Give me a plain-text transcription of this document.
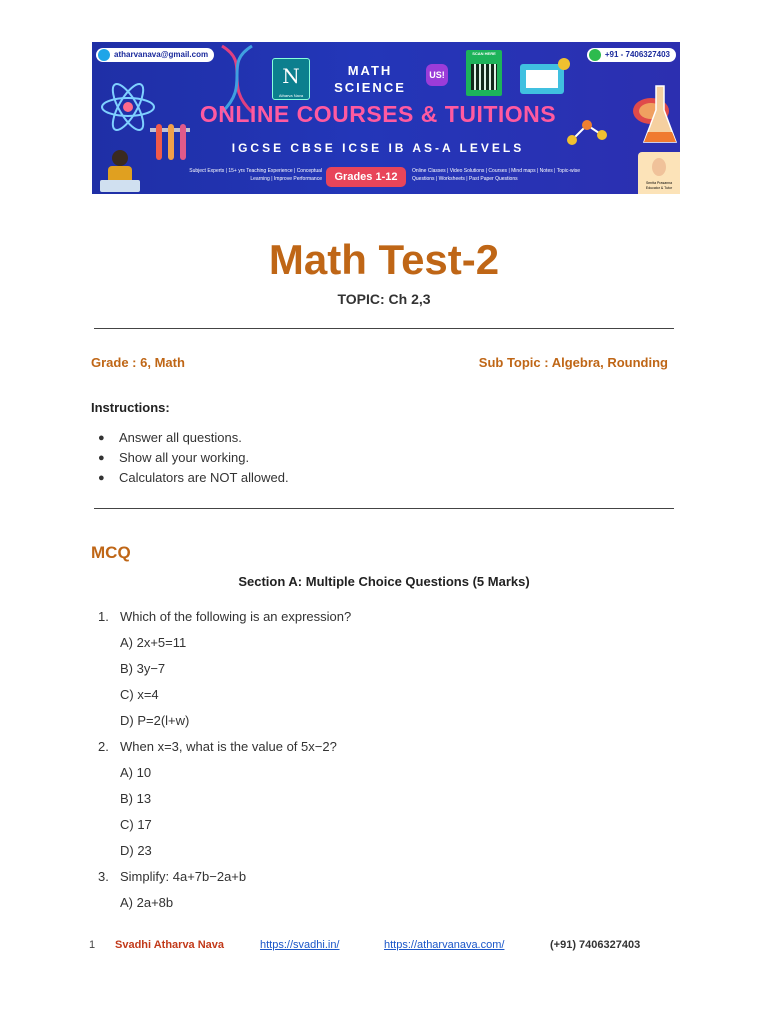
atharvanava@gmail.com	+91 - 7406327403
N
Atharva Nava
MATH
SCIENCE
US!
SCAN HERE
ONLINE COURSES & TUITIONS
IGCSE CBSE ICSE IB AS-A LEVELS
Subject Experts | 15+ yrs Teaching Experience | Conceptual Learning | Improve Performance	Grades 1-12	Online Classes | Video Solutions | Courses | Mind maps | Notes | Topic-wise Questions | Worksheets | Past Paper Questions
Smrita Prasanna
Educator & Tutor
Math Test-2
TOPIC: Ch 2,3
Grade : 6, Math	Sub Topic : Algebra, Rounding
Instructions:
● Answer all questions.
● Show all your working.
● Calculators are NOT allowed.
MCQ
Section A: Multiple Choice Questions (5 Marks)
1. Which of the following is an expression?
A) 2x+5=11
B) 3y−7
C) x=4
D) P=2(l+w)
2. When x=3, what is the value of 5x−2?
A) 10
B) 13
C) 17
D) 23
3. Simplify: 4a+7b−2a+b
A) 2a+8b
1 Svadhi Atharva Nava	https://svadhi.in/	https://atharvanava.com/	(+91) 7406327403
